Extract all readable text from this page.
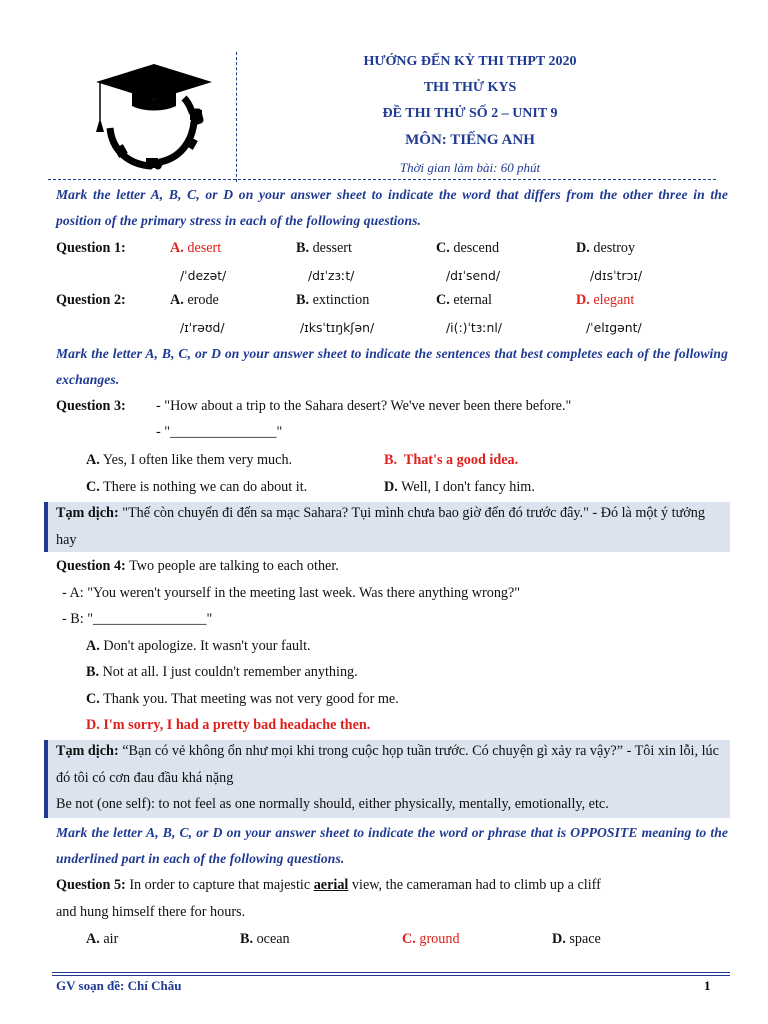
HƯỚNG ĐẾN KỲ THI THPT 2020
THI THỬ KYS
ĐỀ THI THỬ SỐ 2 – UNIT 9
MÔN: TIẾNG ANH
Thời gian làm bài: 60 phút
Mark the letter A, B, C, or D on your answer sheet to indicate the word that differs from the other three in the position of the primary stress in each of the following questions.
Question 1:	A. desert	B. dessert	C. descend	D. destroy
/ˈdezət/	/dɪˈzɜːt/	/dɪˈsend/	/dɪsˈtrɔɪ/
Question 2:	A. erode	B. extinction	C. eternal	D. elegant
/ɪˈrəʊd/	/ɪksˈtɪŋkʃən/	/i(:)ˈtɜːnl/	/ˈelɪgənt/
Mark the letter A, B, C, or D on your answer sheet to indicate the sentences that best completes each of the following exchanges.
Question 3: - "How about a trip to the Sahara desert? We've never been there before."
- "_______________"
A. Yes, I often like them very much.	B. That's a good idea.
C. There is nothing we can do about it.	D. Well, I don't fancy him.
Tạm dịch: "Thế còn chuyến đi đến sa mạc Sahara? Tụi mình chưa bao giờ đến đó trước đây." - Đó là một ý tưởng hay
Question 4: Two people are talking to each other.
- A: "You weren't yourself in the meeting last week. Was there anything wrong?"
- B: "________________"
A. Don't apologize. It wasn't your fault.
B. Not at all. I just couldn't remember anything.
C. Thank you. That meeting was not very good for me.
D. I'm sorry, I had a pretty bad headache then.
Tạm dịch: “Bạn có vẻ không ổn như mọi khi trong cuộc họp tuần trước. Có chuyện gì xảy ra vậy?” - Tôi xin lỗi, lúc đó tôi có cơn đau đầu khá nặng
Be not (one self): to not feel as one normally should, either physically, mentally, emotionally, etc.
Mark the letter A, B, C, or D on your answer sheet to indicate the word or phrase that is OPPOSITE meaning to the underlined part in each of the following questions.
Question 5: In order to capture that majestic aerial view, the cameraman had to climb up a cliff
and hung himself there for hours.
A. air	B. ocean	C. ground	D. space
GV soạn đề: Chí Châu	1
